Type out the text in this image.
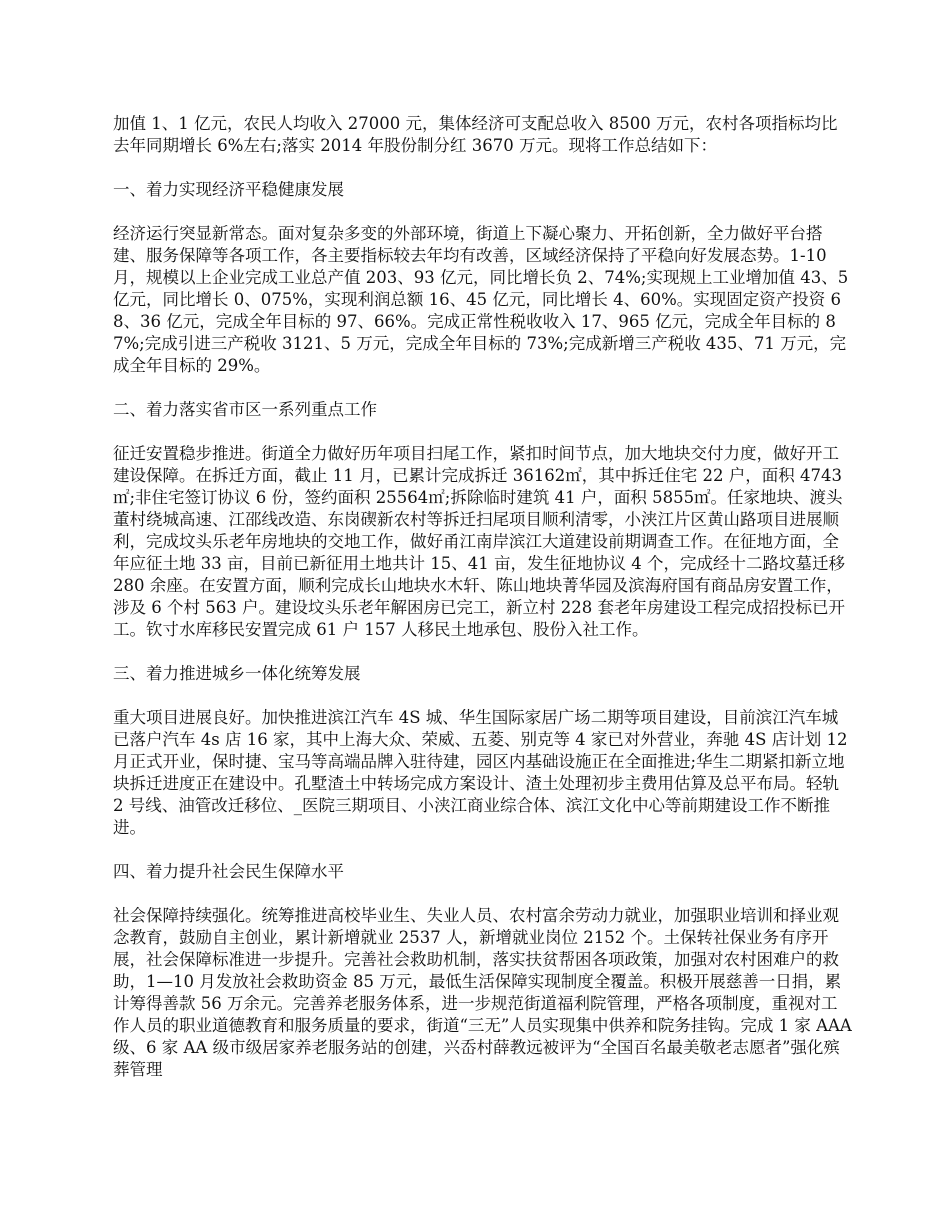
加值 1、1 亿元，农民人均收入 27000 元，集体经济可支配总收入 8500 万元，农村各项指标均比去年同期增长 6%左右;落实 2014 年股份制分红 3670 万元。现将工作总结如下：

一、着力实现经济平稳健康发展

经济运行突显新常态。面对复杂多变的外部环境，街道上下凝心聚力、开拓创新，全力做好平台搭建、服务保障等各项工作，各主要指标较去年均有改善，区域经济保持了平稳向好发展态势。1-10 月，规模以上企业完成工业总产值 203、93 亿元，同比增长负 2、74%;实现规上工业增加值 43、5 亿元，同比增长 0、075%，实现利润总额 16、45 亿元，同比增长 4、60%。实现固定资产投资 68、36 亿元，完成全年目标的 97、66%。完成正常性税收收入 17、965 亿元，完成全年目标的 87%;完成引进三产税收 3121、5 万元，完成全年目标的 73%;完成新增三产税收 435、71 万元，完成全年目标的 29%。

二、着力落实省市区一系列重点工作

征迁安置稳步推进。街道全力做好历年项目扫尾工作，紧扣时间节点，加大地块交付力度，做好开工建设保障。在拆迁方面，截止 11 月，已累计完成拆迁 36162㎡，其中拆迁住宅 22 户，面积 4743㎡;非住宅签订协议 6 份，签约面积 25564㎡;拆除临时建筑 41 户，面积 5855㎡。任家地块、渡头董村绕城高速、江邵线改造、东岗碶新农村等拆迁扫尾项目顺利清零，小浃江片区黄山路项目进展顺利，完成坟头乐老年房地块的交地工作，做好甬江南岸滨江大道建设前期调查工作。在征地方面，全年应征土地 33 亩，目前已新征用土地共计 15、41 亩，发生征地协议 4 个，完成经十二路坟墓迁移 280 余座。在安置方面，顺利完成长山地块水木轩、陈山地块菁华园及滨海府国有商品房安置工作，涉及 6 个村 563 户。建设坟头乐老年解困房已完工，新立村 228 套老年房建设工程完成招投标已开工。钦寸水库移民安置完成 61 户 157 人移民土地承包、股份入社工作。

三、着力推进城乡一体化统筹发展

重大项目进展良好。加快推进滨江汽车 4S 城、华生国际家居广场二期等项目建设，目前滨江汽车城已落户汽车 4s 店 16 家，其中上海大众、荣威、五菱、别克等 4 家已对外营业，奔驰 4S 店计划 12 月正式开业，保时捷、宝马等高端品牌入驻待建，园区内基础设施正在全面推进;华生二期紧扣新立地块拆迁进度正在建设中。孔墅渣土中转场完成方案设计、渣土处理初步主费用估算及总平布局。轻轨 2 号线、油管改迁移位、_医院三期项目、小浃江商业综合体、滨江文化中心等前期建设工作不断推进。

四、着力提升社会民生保障水平

社会保障持续强化。统筹推进高校毕业生、失业人员、农村富余劳动力就业，加强职业培训和择业观念教育，鼓励自主创业，累计新增就业 2537 人，新增就业岗位 2152 个。土保转社保业务有序开展，社会保障标准进一步提升。完善社会救助机制，落实扶贫帮困各项政策，加强对农村困难户的救助，1—10 月发放社会救助资金 85 万元，最低生活保障实现制度全覆盖。积极开展慈善一日捐，累计筹得善款 56 万余元。完善养老服务体系，进一步规范街道福利院管理，严格各项制度，重视对工作人员的职业道德教育和服务质量的要求，街道“三无”人员实现集中供养和院务挂钩。完成 1 家 AAA 级、6 家 AA 级市级居家养老服务站的创建，兴岙村薛教远被评为“全国百名最美敬老志愿者”强化殡葬管理
